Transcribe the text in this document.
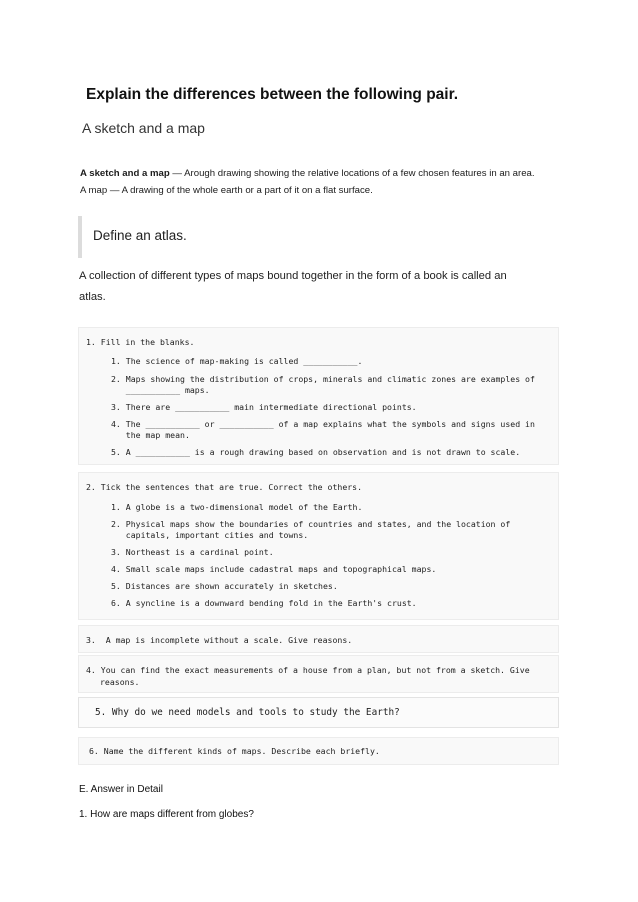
Explain the differences between the following pair.
A sketch and a map
A sketch and a map — Arough drawing showing the relative locations of a few chosen features in an area.
A map — A drawing of the whole earth or a part of it on a flat surface.
Define an atlas.
A collection of different types of maps bound together in the form of a book is called an
atlas.
1. Fill in the blanks.
1. The science of map-making is called ___________.
2. Maps showing the distribution of crops, minerals and climatic zones are examples of
___________ maps.
3. There are ___________ main intermediate directional points.
4. The ___________ or ___________ of a map explains what the symbols and signs used in
the map mean.
5. A ___________ is a rough drawing based on observation and is not drawn to scale.
2. Tick the sentences that are true. Correct the others.
1. A globe is a two-dimensional model of the Earth.
2. Physical maps show the boundaries of countries and states, and the location of
capitals, important cities and towns.
3. Northeast is a cardinal point.
4. Small scale maps include cadastral maps and topographical maps.
5. Distances are shown accurately in sketches.
6. A syncline is a downward bending fold in the Earth's crust.
3.  A map is incomplete without a scale. Give reasons.
4. You can find the exact measurements of a house from a plan, but not from a sketch. Give
reasons.
5. Why do we need models and tools to study the Earth?
6. Name the different kinds of maps. Describe each briefly.
E. Answer in Detail
1. How are maps different from globes?
